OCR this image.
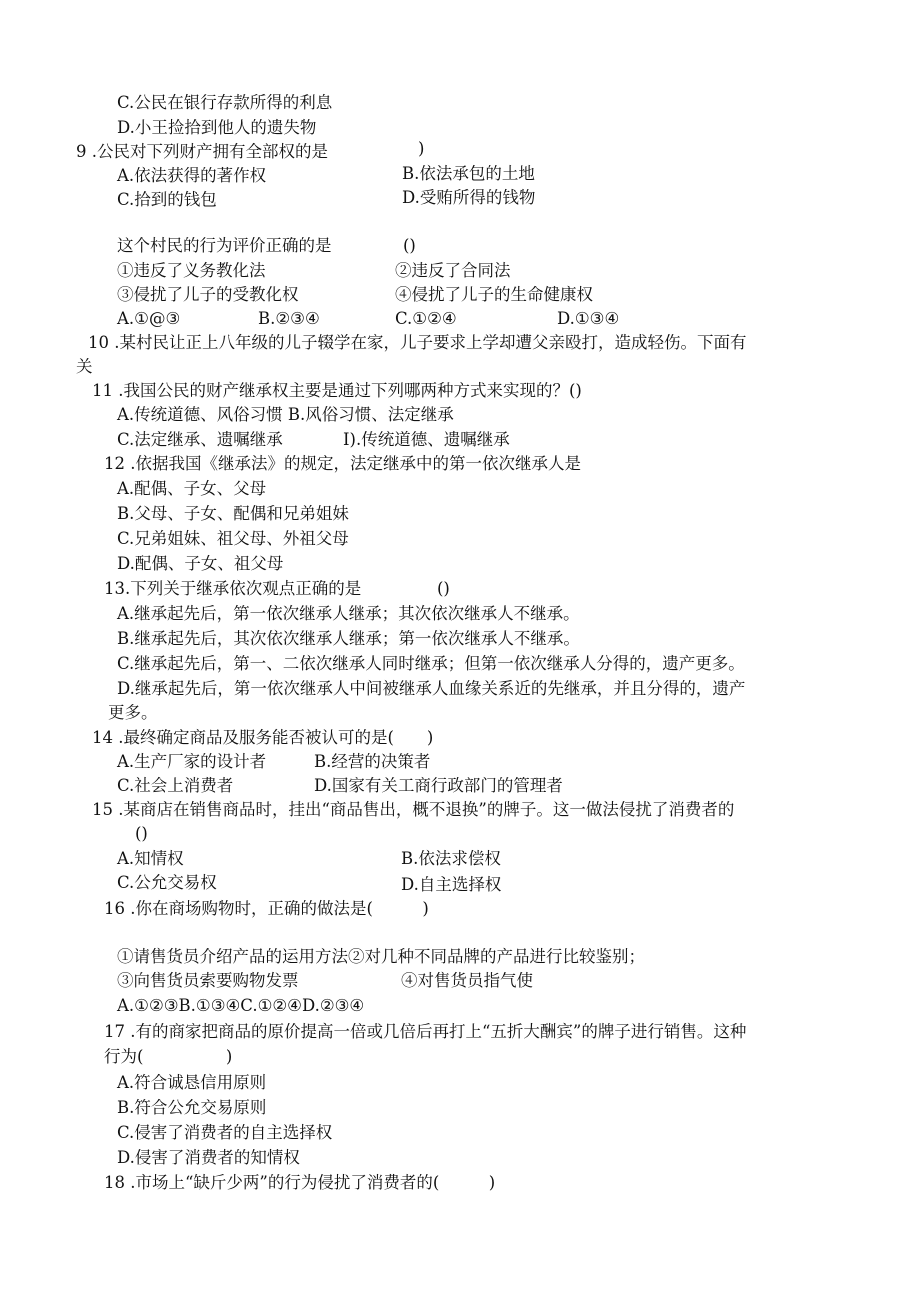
C.公民在银行存款所得的利息
D.小王捡拾到他人的遗失物
9 .公民对下列财产拥有全部权的是	)
A.依法获得的著作权	B.依法承包的土地
C.拾到的钱包	D.受贿所得的钱物
这个村民的行为评价正确的是	()
①违反了义务教化法	②违反了合同法
③侵扰了儿子的受教化权	④侵扰了儿子的生命健康权
A.①@③	B.②③④	C.①②④	D.①③④
10 .某村民让正上八年级的儿子辍学在家，儿子要求上学却遭父亲殴打，造成轻伤。下面有
关
11 .我国公民的财产继承权主要是通过下列哪两种方式来实现的？()
A.传统道德、风俗习惯 B.风俗习惯、法定继承
C.法定继承、遗嘱继承	I).传统道德、遗嘱继承
12 .依据我国《继承法》的规定，法定继承中的第一依次继承人是
A.配偶、子女、父母
B.父母、子女、配偶和兄弟姐妹
C.兄弟姐妹、祖父母、外祖父母
D.配偶、子女、祖父母
13.下列关于继承依次观点正确的是	()
A.继承起先后，第一依次继承人继承；其次依次继承人不继承。
B.继承起先后，其次依次继承人继承；第一依次继承人不继承。
C.继承起先后，第一、二依次继承人同时继承；但第一依次继承人分得的，遗产更多。
D.继承起先后，第一依次继承人中间被继承人血缘关系近的先继承，并且分得的，遗产
更多。
14 .最终确定商品及服务能否被认可的是(　　)
A.生产厂家的设计者	B.经营的决策者
C.社会上消费者	D.国家有关工商行政部门的管理者
15 .某商店在销售商品时，挂出“商品售出，概不退换”的牌子。这一做法侵扰了消费者的
()
A.知情权	B.依法求偿权
C.公允交易权	D.自主选择权
16 .你在商场购物时，正确的做法是(　　　)
①请售货员介绍产品的运用方法②对几种不同品牌的产品进行比较鉴别；
③向售货员索要购物发票	④对售货员指气使
A.①②③B.①③④C.①②④D.②③④
17 .有的商家把商品的原价提高一倍或几倍后再打上“五折大酬宾”的牌子进行销售。这种
行为(　　　　　)
A.符合诚恳信用原则
B.符合公允交易原则
C.侵害了消费者的自主选择权
D.侵害了消费者的知情权
18 .市场上“缺斤少两”的行为侵扰了消费者的(　　　)
